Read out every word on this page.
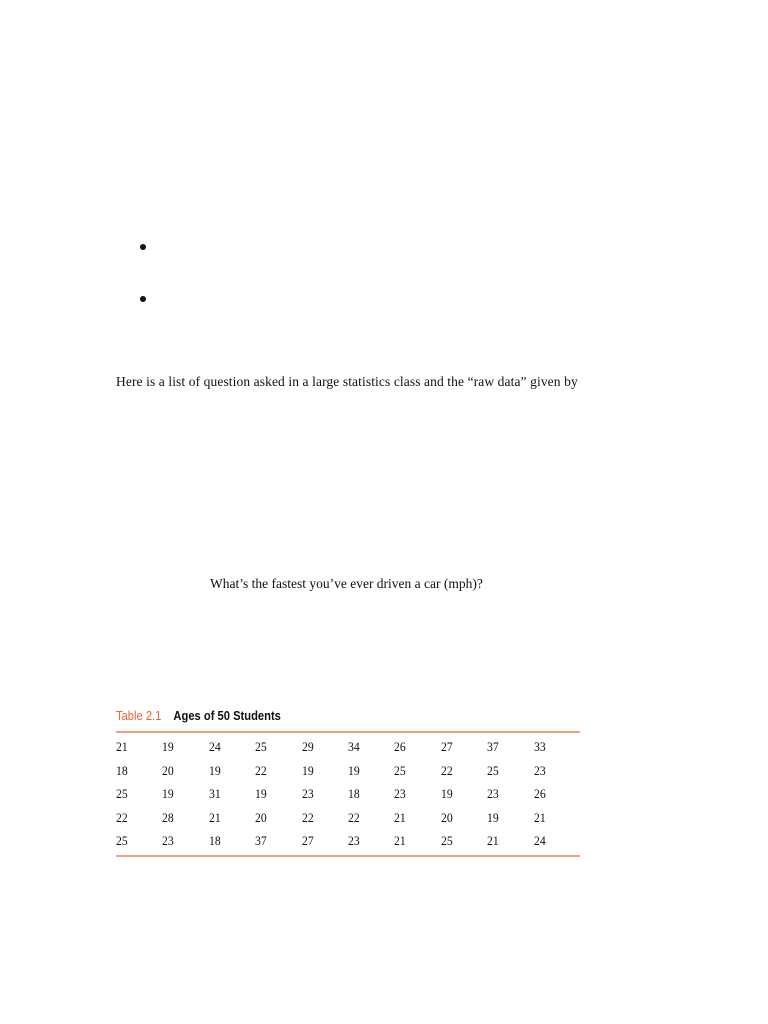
Here is a list of question asked in a large statistics class and the “raw data” given by
What’s the fastest you’ve ever driven a car (mph)?
Table 2.1 Ages of 50 Students
21	19	24	25	29	34	26	27	37	33
18	20	19	22	19	19	25	22	25	23
25	19	31	19	23	18	23	19	23	26
22	28	21	20	22	22	21	20	19	21
25	23	18	37	27	23	21	25	21	24
